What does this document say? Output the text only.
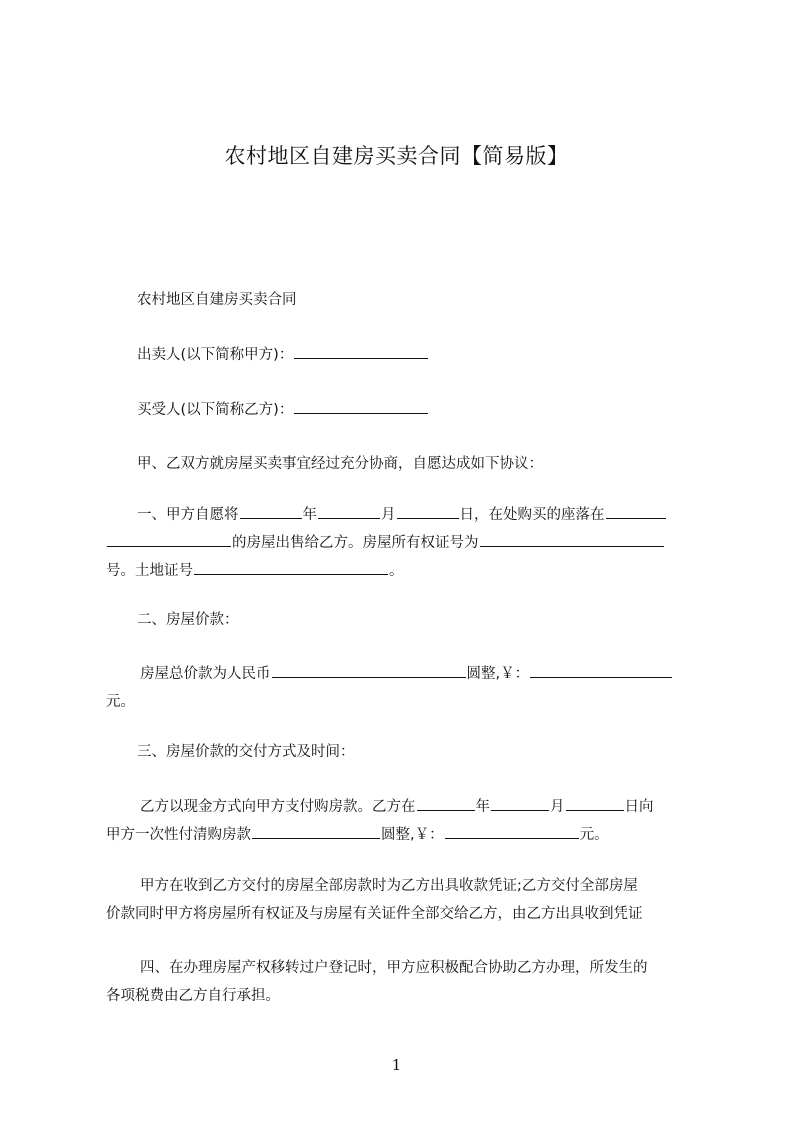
农村地区自建房买卖合同【简易版】

农村地区自建房买卖合同

出卖人(以下简称甲方)：

买受人(以下简称乙方)：

甲、乙双方就房屋买卖事宜经过充分协商，自愿达成如下协议：

一、甲方自愿将	年	月	日，在处购买的座落在
的房屋出售给乙方。房屋所有权证号为
号。土地证号	。

二、房屋价款：

房屋总价款为人民币	圆整,￥：
元。

三、房屋价款的交付方式及时间：

乙方以现金方式向甲方支付购房款。乙方在	年	月	日向
甲方一次性付清购房款	圆整,￥：	元。

甲方在收到乙方交付的房屋全部房款时为乙方出具收款凭证;乙方交付全部房屋
价款同时甲方将房屋所有权证及与房屋有关证件全部交给乙方，由乙方出具收到凭证

四、在办理房屋产权移转过户登记时，甲方应积极配合协助乙方办理，所发生的
各项税费由乙方自行承担。

1
